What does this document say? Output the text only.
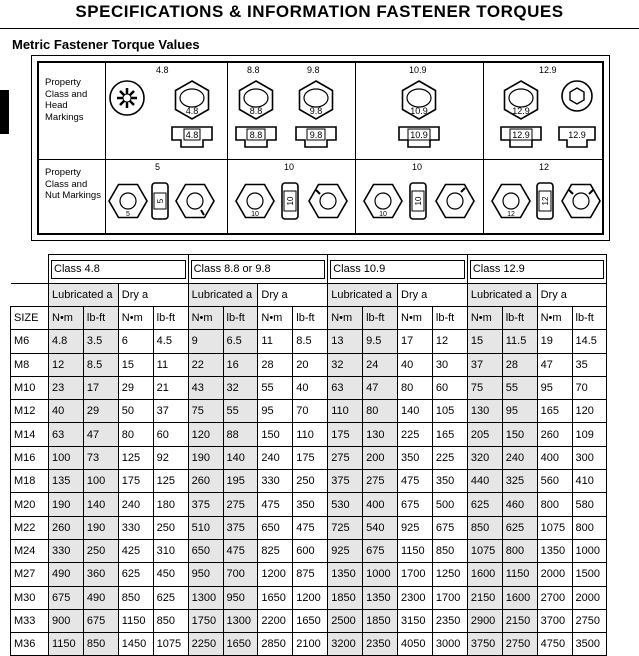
SPECIFICATIONS & INFORMATION FASTENER TORQUES
Metric Fastener Torque Values
Property Class and Head Markings
Property Class and Nut Markings
4.8	8.8	9.8	10.9	12.9
5	10	10	12
4.8
4.8
8.8
8.8
9.8
9.8
10.9
10.9
12.9
12.9	12.9
5
5
10
10
10
10
12
12

	Class 4.8				Class 8.8 or 9.8				Class 10.9				Class 12.9			

	Lubricated a		Dry a		Lubricated a		Dry a		Lubricated a		Dry a		Lubricated a		Dry a	
SIZE	N•m	lb-ft	N•m	lb-ft	N•m	lb-ft	N•m	lb-ft	N•m	lb-ft	N•m	lb-ft	N•m	lb-ft	N•m	lb-ft
M6	4.8	3.5	6	4.5	9	6.5	11	8.5	13	9.5	17	12	15	11.5	19	14.5
M8	12	8.5	15	11	22	16	28	20	32	24	40	30	37	28	47	35
M10	23	17	29	21	43	32	55	40	63	47	80	60	75	55	95	70
M12	40	29	50	37	75	55	95	70	110	80	140	105	130	95	165	120
M14	63	47	80	60	120	88	150	110	175	130	225	165	205	150	260	109
M16	100	73	125	92	190	140	240	175	275	200	350	225	320	240	400	300
M18	135	100	175	125	260	195	330	250	375	275	475	350	440	325	560	410
M20	190	140	240	180	375	275	475	350	530	400	675	500	625	460	800	580
M22	260	190	330	250	510	375	650	475	725	540	925	675	850	625	1075	800
M24	330	250	425	310	650	475	825	600	925	675	1150	850	1075	800	1350	1000
M27	490	360	625	450	950	700	1200	875	1350	1000	1700	1250	1600	1150	2000	1500
M30	675	490	850	625	1300	950	1650	1200	1850	1350	2300	1700	2150	1600	2700	2000
M33	900	675	1150	850	1750	1300	2200	1650	2500	1850	3150	2350	2900	2150	3700	2750
M36	1150	850	1450	1075	2250	1650	2850	2100	3200	2350	4050	3000	3750	2750	4750	3500
